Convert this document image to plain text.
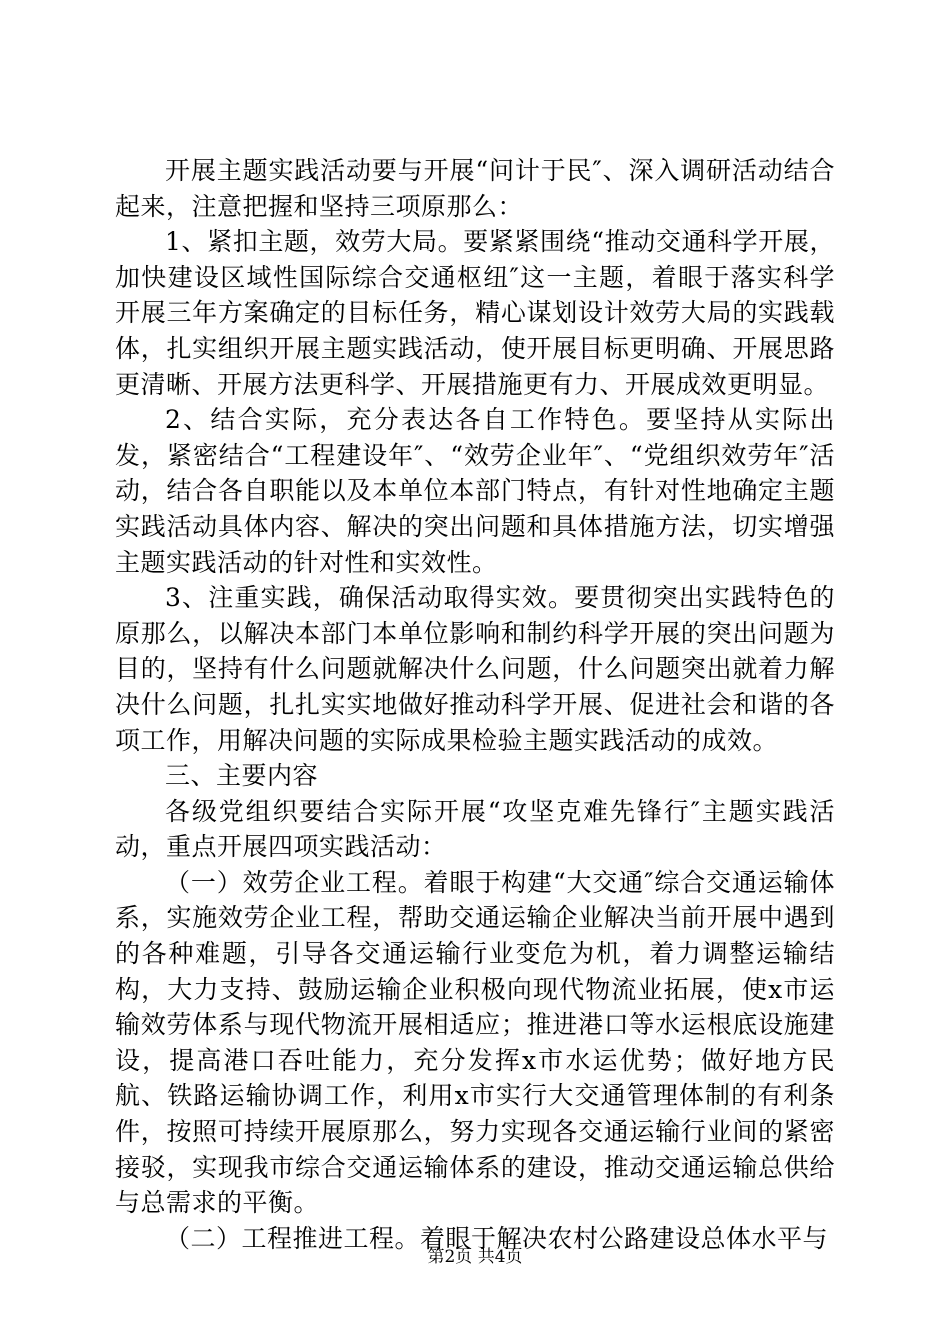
开展主题实践活动要与开展“问计于民″、深入调研活动结合起来，注意把握和坚持三项原那么：

1、紧扣主题，效劳大局。要紧紧围绕“推动交通科学开展，加快建设区域性国际综合交通枢纽″这一主题，着眼于落实科学开展三年方案确定的目标任务，精心谋划设计效劳大局的实践载体，扎实组织开展主题实践活动，使开展目标更明确、开展思路更清晰、开展方法更科学、开展措施更有力、开展成效更明显。

2、结合实际，充分表达各自工作特色。要坚持从实际出发，紧密结合“工程建设年″、“效劳企业年″、“党组织效劳年″活动，结合各自职能以及本单位本部门特点，有针对性地确定主题实践活动具体内容、解决的突出问题和具体措施方法，切实增强主题实践活动的针对性和实效性。

3、注重实践，确保活动取得实效。要贯彻突出实践特色的原那么，以解决本部门本单位影响和制约科学开展的突出问题为目的，坚持有什么问题就解决什么问题，什么问题突出就着力解决什么问题，扎扎实实地做好推动科学开展、促进社会和谐的各项工作，用解决问题的实际成果检验主题实践活动的成效。

三、主要内容

各级党组织要结合实际开展“攻坚克难先锋行″主题实践活动，重点开展四项实践活动：

（一）效劳企业工程。着眼于构建“大交通″综合交通运输体系，实施效劳企业工程，帮助交通运输企业解决当前开展中遇到的各种难题，引导各交通运输行业变危为机，着力调整运输结构，大力支持、鼓励运输企业积极向现代物流业拓展，使x市运输效劳体系与现代物流开展相适应；推进港口等水运根底设施建设，提高港口吞吐能力，充分发挥x市水运优势；做好地方民航、铁路运输协调工作，利用x市实行大交通管理体制的有利条件，按照可持续开展原那么，努力实现各交通运输行业间的紧密接驳，实现我市综合交通运输体系的建设，推动交通运输总供给与总需求的平衡。

（二）工程推进工程。着眼于解决农村公路建设总体水平与

第2页 共4页
